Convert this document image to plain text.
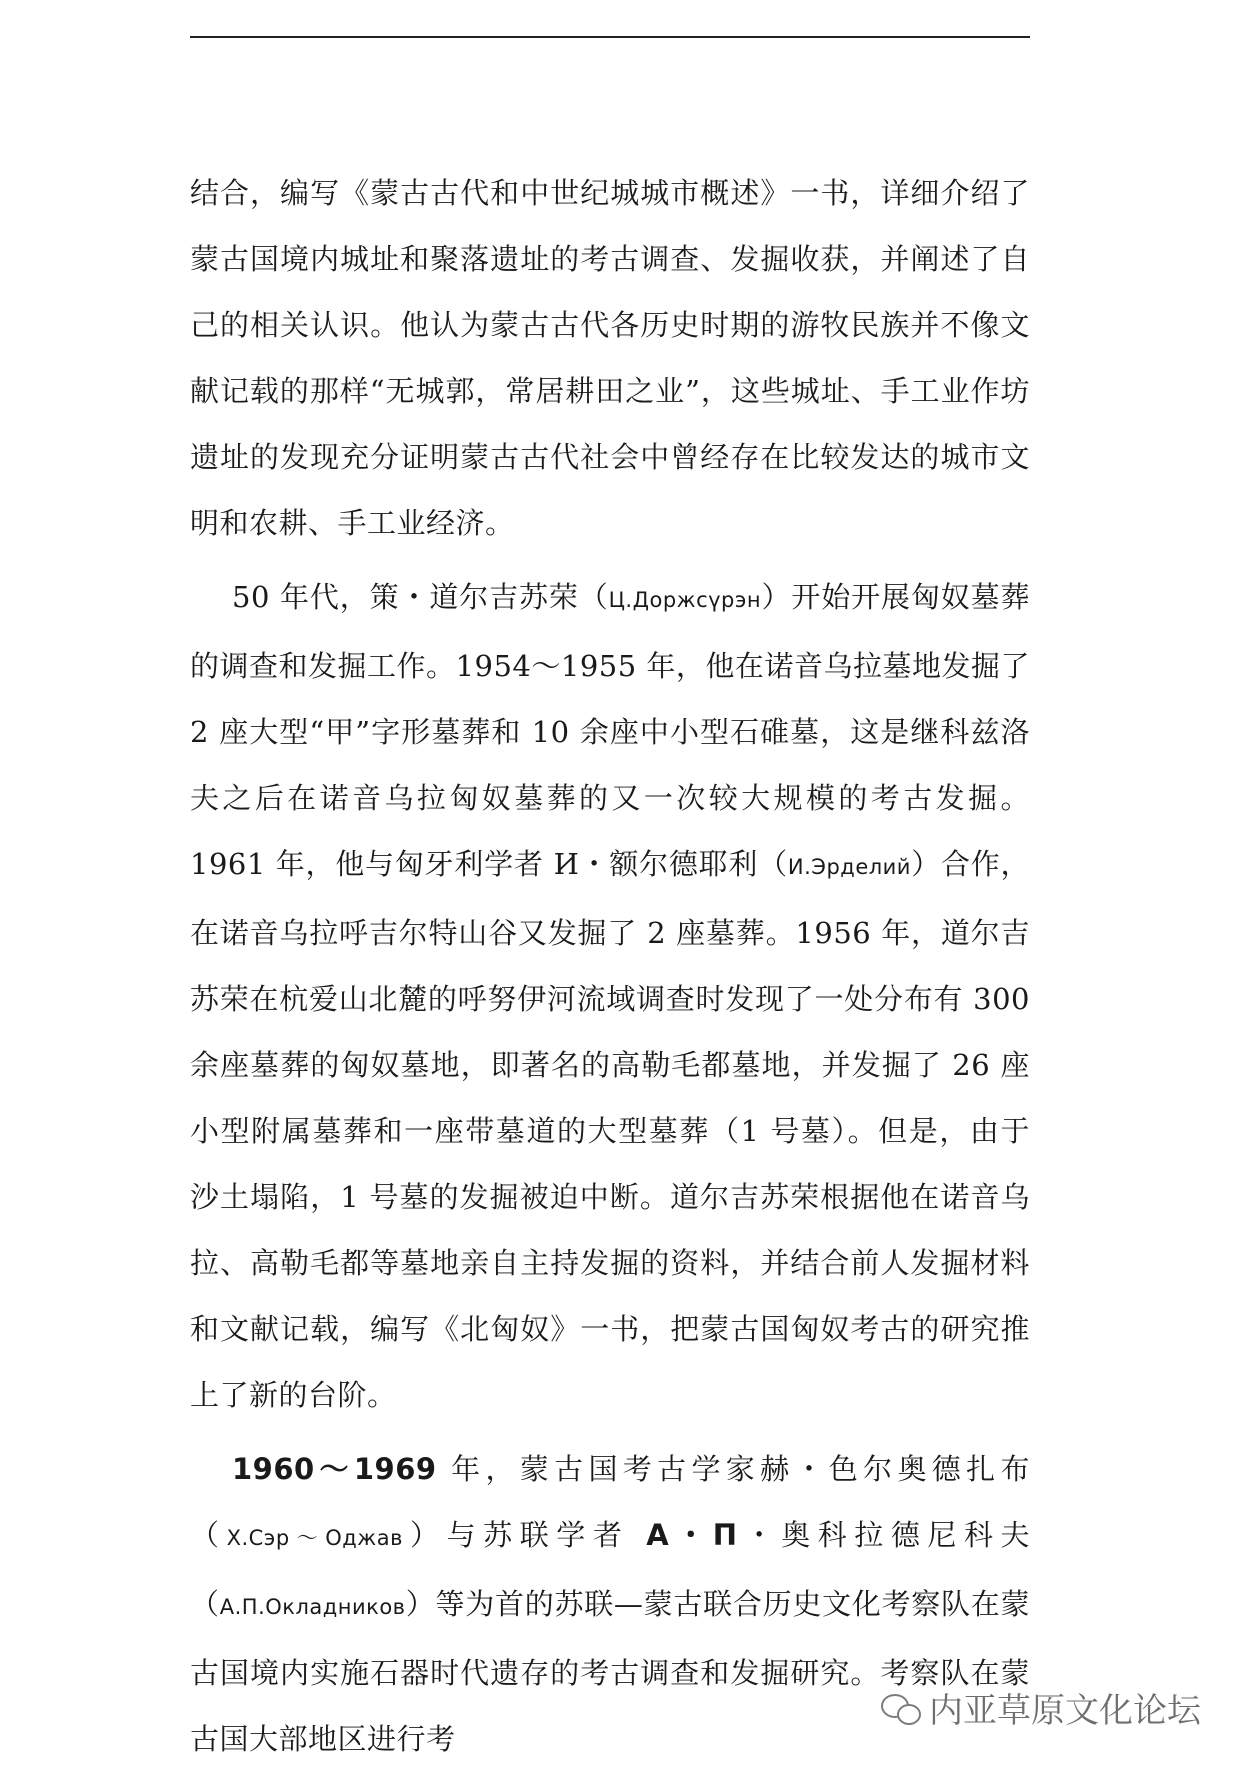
结合，编写《蒙古古代和中世纪城城市概述》一书，详细介绍了蒙古国境内城址和聚落遗址的考古调查、发掘收获，并阐述了自己的相关认识。他认为蒙古古代各历史时期的游牧民族并不像文献记载的那样“无城郭，常居耕田之业”，这些城址、手工业作坊遗址的发现充分证明蒙古古代社会中曾经存在比较发达的城市文明和农耕、手工业经济。

50 年代，策・道尔吉苏荣（Ц.Доржсүрэн）开始开展匈奴墓葬的调查和发掘工作。1954～1955 年，他在诺音乌拉墓地发掘了 2 座大型“甲”字形墓葬和 10 余座中小型石碓墓，这是继科兹洛夫之后在诺音乌拉匈奴墓葬的又一次较大规模的考古发掘。1961 年，他与匈牙利学者 И・额尔德耶利（И.Эрделий）合作，在诺音乌拉呼吉尔特山谷又发掘了 2 座墓葬。1956 年，道尔吉苏荣在杭爱山北麓的呼努伊河流域调查时发现了一处分布有 300 余座墓葬的匈奴墓地，即著名的高勒毛都墓地，并发掘了 26 座小型附属墓葬和一座带墓道的大型墓葬（1 号墓）。但是，由于沙土塌陷，1 号墓的发掘被迫中断。道尔吉苏荣根据他在诺音乌拉、高勒毛都等墓地亲自主持发掘的资料，并结合前人发掘材料和文献记载，编写《北匈奴》一书，把蒙古国匈奴考古的研究推上了新的台阶。

1960～1969 年，蒙古国考古学家赫・色尔奥德扎布（Х.Сэр～Оджав）与苏联学者 А・П・奥科拉德尼科夫（А.П.Окладников）等为首的苏联—蒙古联合历史文化考察队在蒙古国境内实施石器时代遗存的考古调查和发掘研究。考察队在蒙古国大部地区进行考

内亚草原文化论坛
